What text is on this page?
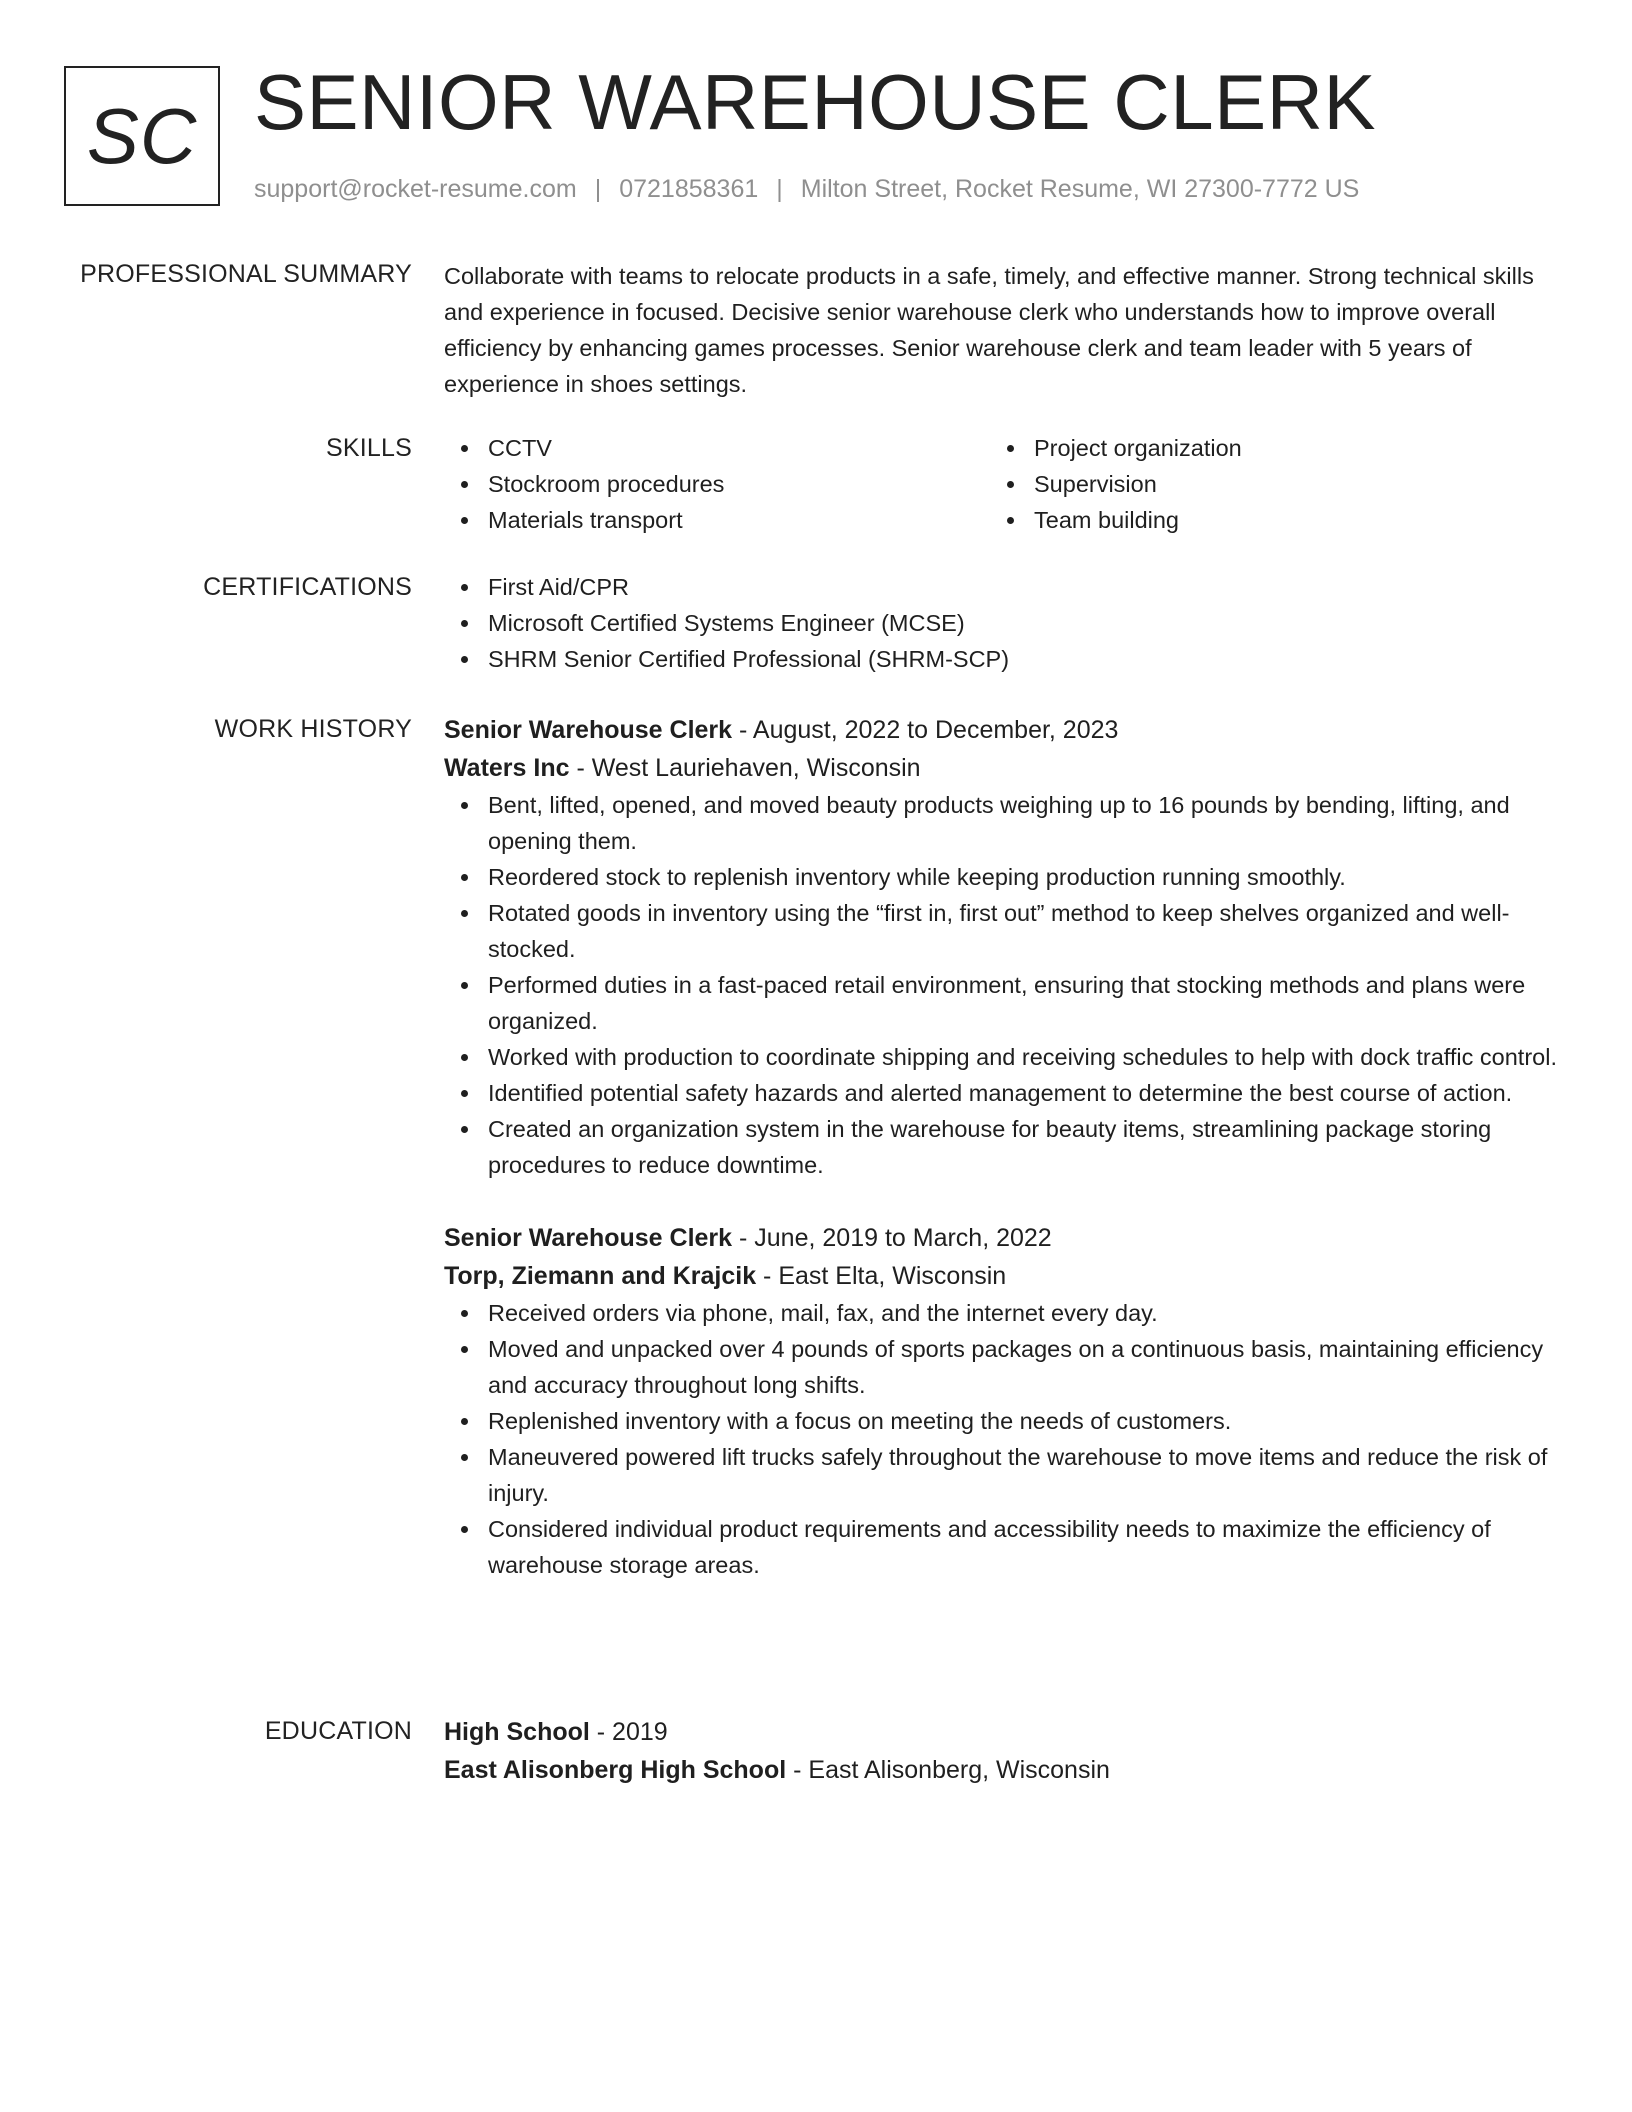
SC SENIOR WAREHOUSE CLERK
support@rocket-resume.com | 0721858361 | Milton Street, Rocket Resume, WI 27300-7772 US
PROFESSIONAL SUMMARY Collaborate with teams to relocate products in a safe, timely, and effective manner. Strong technical skills and experience in focused. Decisive senior warehouse clerk who understands how to improve overall efficiency by enhancing games processes. Senior warehouse clerk and team leader with 5 years of experience in shoes settings.

SKILLS	CCTV
Stockroom procedures
Materials transport
Project organization
Supervision
Team building
CERTIFICATIONS	First Aid/CPR
Microsoft Certified Systems Engineer (MCSE)
SHRM Senior Certified Professional (SHRM-SCP)
WORK HISTORY Senior Warehouse Clerk - August, 2022 to December, 2023
Waters Inc - West Lauriehaven, Wisconsin
Bent, lifted, opened, and moved beauty products weighing up to 16 pounds by bending, lifting, and opening them.
Reordered stock to replenish inventory while keeping production running smoothly.
Rotated goods in inventory using the “first in, first out” method to keep shelves organized and well-stocked.
Performed duties in a fast-paced retail environment, ensuring that stocking methods and plans were organized.
Worked with production to coordinate shipping and receiving schedules to help with dock traffic control.
Identified potential safety hazards and alerted management to determine the best course of action.
Created an organization system in the warehouse for beauty items, streamlining package storing procedures to reduce downtime.
Senior Warehouse Clerk - June, 2019 to March, 2022
Torp, Ziemann and Krajcik - East Elta, Wisconsin
Received orders via phone, mail, fax, and the internet every day.
Moved and unpacked over 4 pounds of sports packages on a continuous basis, maintaining efficiency and accuracy throughout long shifts.
Replenished inventory with a focus on meeting the needs of customers.
Maneuvered powered lift trucks safely throughout the warehouse to move items and reduce the risk of injury.
Considered individual product requirements and accessibility needs to maximize the efficiency of warehouse storage areas.
EDUCATION High School - 2019
East Alisonberg High School - East Alisonberg, Wisconsin
